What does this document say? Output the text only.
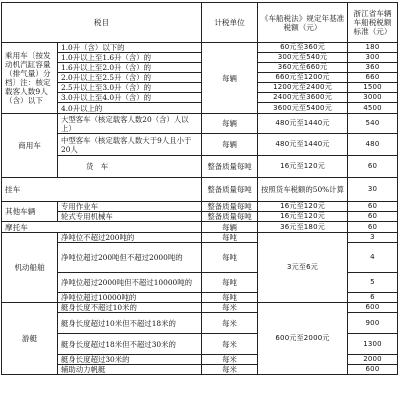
税目		计税单位	《车船税法》规定年基准税额（元）	浙江省车辆车船税税额标准（元）
乘用车〔按发动机汽缸容量（排气量）分档〕注：核定载客人数9人（含）以下	1.0升（含）以下的	每辆	60元至360元	180
	1.0升以上至1.6升（含）的		300元至540元	300
	1.6升以上至2.0升（含）的		360元至660元	360
	2.0升以上至2.5升（含）的		660元至1200元	660
	2.5升以上至3.0升（含）的		1200元至2400元	1500
	3.0升以上至4.0升（含）的		2400元至3600元	3000
	4.0升以上的		3600元至5400元	4500
商用车	大型客车（核定载客人数20（含）人以上）	每辆	480元至1440元	540
	中型客车（核定载客人数大于9人且小于20人	每辆	480元至1440元	480
	货　车	整备质量每吨	16元至120元	60
挂车		整备质量每吨	按照货车税额的50%计算	30
其他车辆	专用作业车	整备质量每吨	16元至120元	60
	轮式专用机械车	整备质量每吨	16元至120元	60
摩托车		每辆	36元至180元	60
机动船舶	净吨位不超过200吨的	每吨	3元至6元	3
	净吨位超过200吨但不超过2000吨的	每吨		4
	净吨位超过2000吨但不超过10000吨的	每吨		5
	净吨位超过10000吨的	每吨		6
游艇	艇身长度不超过10米的	每米	600元至2000元	600
	艇身长度超过10米但不超过18米的	每米		900
	艇身长度超过18米但不超过30米的	每米		1300
	艇身长度超过30米的	每米		2000
	辅助动力帆艇	每米		600
